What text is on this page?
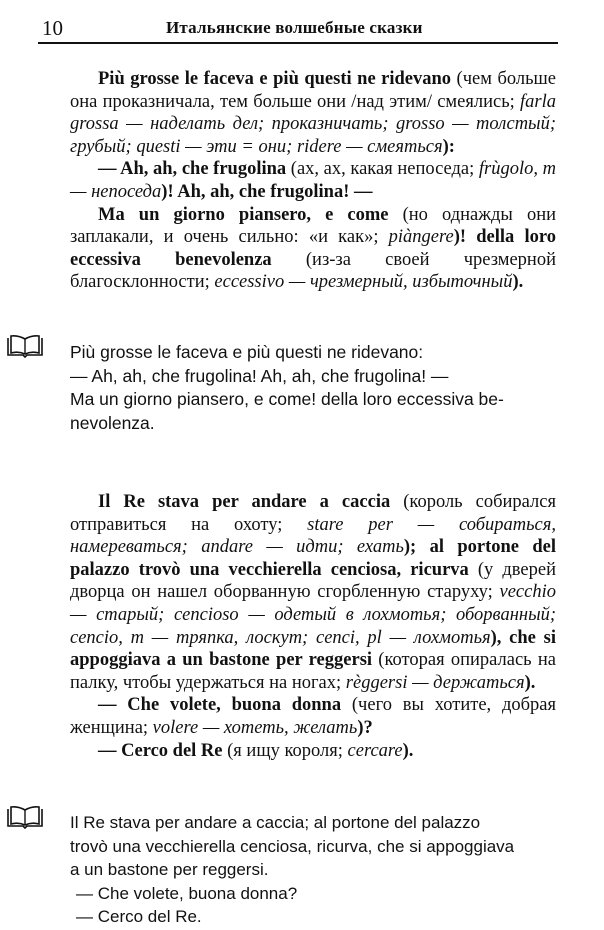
10	Итальянские волшебные сказки

Più grosse le faceva e più questi ne ridevano (чем больше она проказничала, тем больше они /над этим/ смеялись; farla grossa — наделать дел; проказничать; grosso — толстый; грубый; questi — эти = они; ridere — смеяться):

— Ah, ah, che frugolina (ах, ах, какая непоседа; frùgolo, m — непоседа)! Ah, ah, che frugolina! —

Ma un giorno piansero, e come (но однажды они заплакали, и очень сильно: «и как»; piàngere)! della loro eccessiva benevolenza (из-за своей чрезмерной благосклонности; eccessivo — чрезмерный, избыточный).

Più grosse le faceva e più questi ne ridevano:

— Ah, ah, che frugolina! Ah, ah, che frugolina! —

Ma un giorno piansero, e come! della loro eccessiva be-

nevolenza.

Il Re stava per andare a caccia (король собирался отправиться на охоту; stare per — собираться, намереваться; andare — идти; ехать); al portone del palazzo trovò una vecchierella cenciosa, ricurva (у дверей дворца он нашел оборванную сгорбленную старуху; vecchio — старый; cencioso — одетый в лохмотья; оборванный; cencio, m — тряпка, лоскут; cenci, pl — лохмотья), che si appoggiava a un bastone per reggersi (которая опиралась на палку, чтобы удержаться на ногах; règgersi — держаться).

— Che volete, buona donna (чего вы хотите, добрая женщина; volere — хотеть, желать)?

— Cerco del Re (я ищу короля; cercare).

Il Re stava per andare a caccia; al portone del palazzo

trovò una vecchierella cenciosa, ricurva, che si appoggiava

a un bastone per reggersi.

— Che volete, buona donna?

— Cerco del Re.
